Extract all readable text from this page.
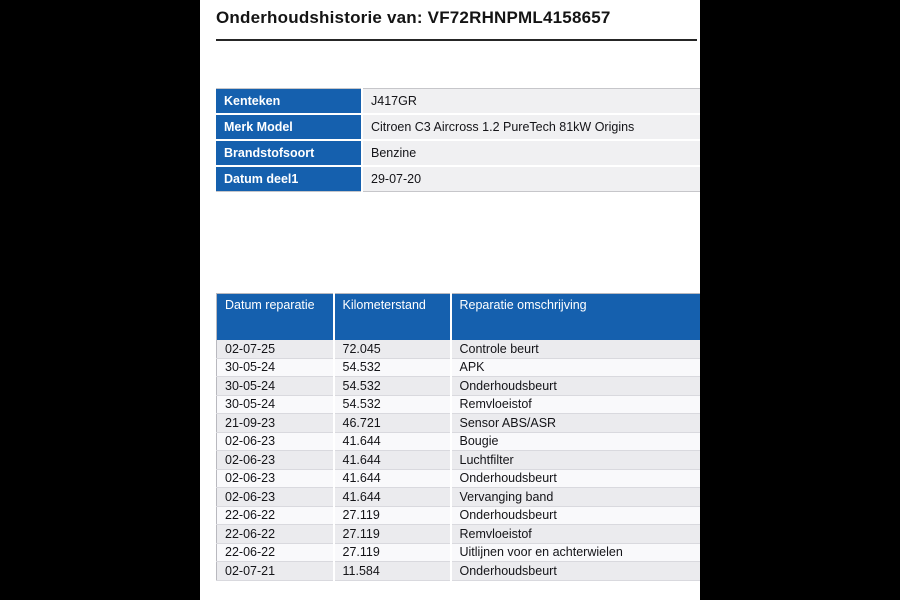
Onderhoudshistorie van: VF72RHNPML4158657
Kenteken	J417GR
Merk Model	Citroen C3 Aircross 1.2 PureTech 81kW Origins
Brandstofsoort	Benzine
Datum deel1	29-07-20
Datum reparatie	Kilometerstand	Reparatie omschrijving
02-07-25	72.045	Controle beurt
30-05-24	54.532	APK
30-05-24	54.532	Onderhoudsbeurt
30-05-24	54.532	Remvloeistof
21-09-23	46.721	Sensor ABS/ASR
02-06-23	41.644	Bougie
02-06-23	41.644	Luchtfilter
02-06-23	41.644	Onderhoudsbeurt
02-06-23	41.644	Vervanging band
22-06-22	27.119	Onderhoudsbeurt
22-06-22	27.119	Remvloeistof
22-06-22	27.119	Uitlijnen voor en achterwielen
02-07-21	11.584	Onderhoudsbeurt
